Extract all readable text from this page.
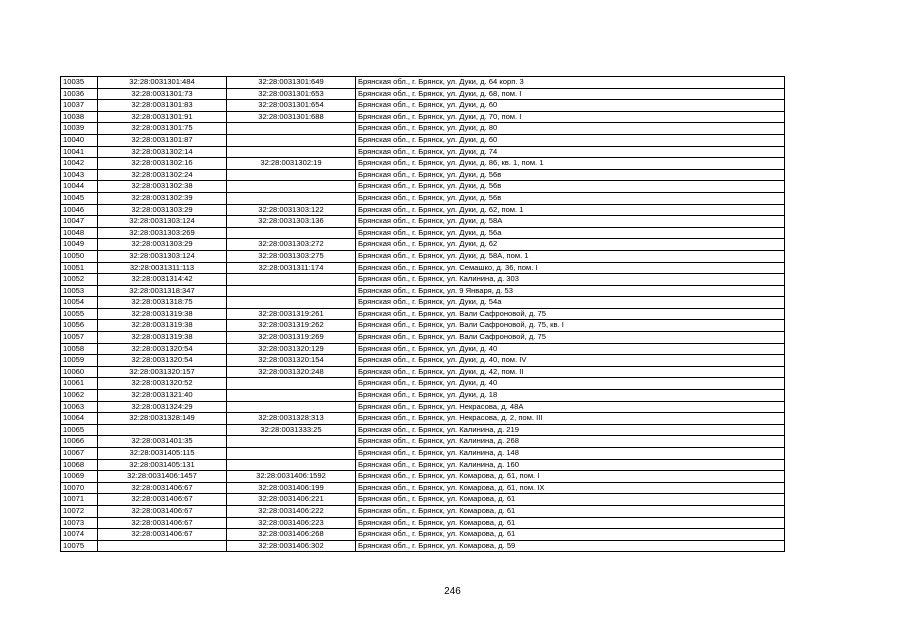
10035	32:28:0031301:484	32:28:0031301:649	Брянская обл., г. Брянск, ул. Дуки, д. 64 корп. 3
10036	32:28:0031301:73	32:28:0031301:653	Брянская обл., г. Брянск, ул. Дуки, д. 68, пом. I
10037	32:28:0031301:83	32:28:0031301:654	Брянская обл., г. Брянск, ул. Дуки, д. 60
10038	32:28:0031301:91	32:28:0031301:688	Брянская обл., г. Брянск, ул. Дуки, д. 70, пом. I
10039	32:28:0031301:75		Брянская обл., г. Брянск, ул. Дуки, д. 80
10040	32:28:0031301:87		Брянская обл., г. Брянск, ул. Дуки, д. 60
10041	32:28:0031302:14		Брянская обл., г. Брянск, ул. Дуки, д. 74
10042	32:28:0031302:16	32:28:0031302:19	Брянская обл., г. Брянск, ул. Дуки, д. 86, кв. 1, пом. 1
10043	32:28:0031302:24		Брянская обл., г. Брянск, ул. Дуки, д. 56в
10044	32:28:0031302:38		Брянская обл., г. Брянск, ул. Дуки, д. 56в
10045	32:28:0031302:39		Брянская обл., г. Брянск, ул. Дуки, д. 56в
10046	32:28:0031303:29	32:28:0031303:122	Брянская обл., г. Брянск, ул. Дуки, д. 62, пом. 1
10047	32:28:0031303:124	32:28:0031303:136	Брянская обл., г. Брянск, ул. Дуки, д. 58А
10048	32:28:0031303:269		Брянская обл., г. Брянск, ул. Дуки, д. 56а
10049	32:28:0031303:29	32:28:0031303:272	Брянская обл., г. Брянск, ул. Дуки, д. 62
10050	32:28:0031303:124	32:28:0031303:275	Брянская обл., г. Брянск, ул. Дуки, д. 58А, пом. 1
10051	32:28:0031311:113	32:28:0031311:174	Брянская обл., г. Брянск, ул. Семашко, д. 36, пом. I
10052	32:28:0031314:42		Брянская обл., г. Брянск, ул. Калинина, д. 303
10053	32:28:0031318:347		Брянская обл., г. Брянск, ул. 9 Января, д. 53
10054	32:28:0031318:75		Брянская обл., г. Брянск, ул. Дуки, д. 54а
10055	32:28:0031319:38	32:28:0031319:261	Брянская обл., г. Брянск, ул. Вали Сафроновой, д. 75
10056	32:28:0031319:38	32:28:0031319:262	Брянская обл., г. Брянск, ул. Вали Сафроновой, д. 75, кв. I
10057	32:28:0031319:38	32:28:0031319:269	Брянская обл., г. Брянск, ул. Вали Сафроновой, д. 75
10058	32:28:0031320:54	32:28:0031320:129	Брянская обл., г. Брянск, ул. Дуки, д. 40
10059	32:28:0031320:54	32:28:0031320:154	Брянская обл., г. Брянск, ул. Дуки, д. 40, пом. IV
10060	32:28:0031320:157	32:28:0031320:248	Брянская обл., г. Брянск, ул. Дуки, д. 42, пом. II
10061	32:28:0031320:52		Брянская обл., г. Брянск, ул. Дуки, д. 40
10062	32:28:0031321:40		Брянская обл., г. Брянск, ул. Дуки, д. 18
10063	32:28:0031324:29		Брянская обл., г. Брянск, ул. Некрасова, д. 48А
10064	32:28:0031328:149	32:28:0031328:313	Брянская обл., г. Брянск, ул. Некрасова, д. 2, пом. III
10065		32:28:0031333:25	Брянская обл., г. Брянск, ул. Калинина, д. 219
10066	32:28:0031401:35		Брянская обл., г. Брянск, ул. Калинина, д. 268
10067	32:28:0031405:115		Брянская обл., г. Брянск, ул. Калинина, д. 148
10068	32:28:0031405:131		Брянская обл., г. Брянск, ул. Калинина, д. 160
10069	32:28:0031406:1457	32:28:0031406:1592	Брянская обл., г. Брянск, ул. Комарова, д. 61, пом. I
10070	32:28:0031406:67	32:28:0031406:199	Брянская обл., г. Брянск, ул. Комарова, д. 61, пом. IX
10071	32:28:0031406:67	32:28:0031406:221	Брянская обл., г. Брянск, ул. Комарова, д. 61
10072	32:28:0031406:67	32:28:0031406:222	Брянская обл., г. Брянск, ул. Комарова, д. 61
10073	32:28:0031406:67	32:28:0031406:223	Брянская обл., г. Брянск, ул. Комарова, д. 61
10074	32:28:0031406:67	32:28:0031406:268	Брянская обл., г. Брянск, ул. Комарова, д. 61
10075		32:28:0031406:302	Брянская обл., г. Брянск, ул. Комарова, д. 59
246
